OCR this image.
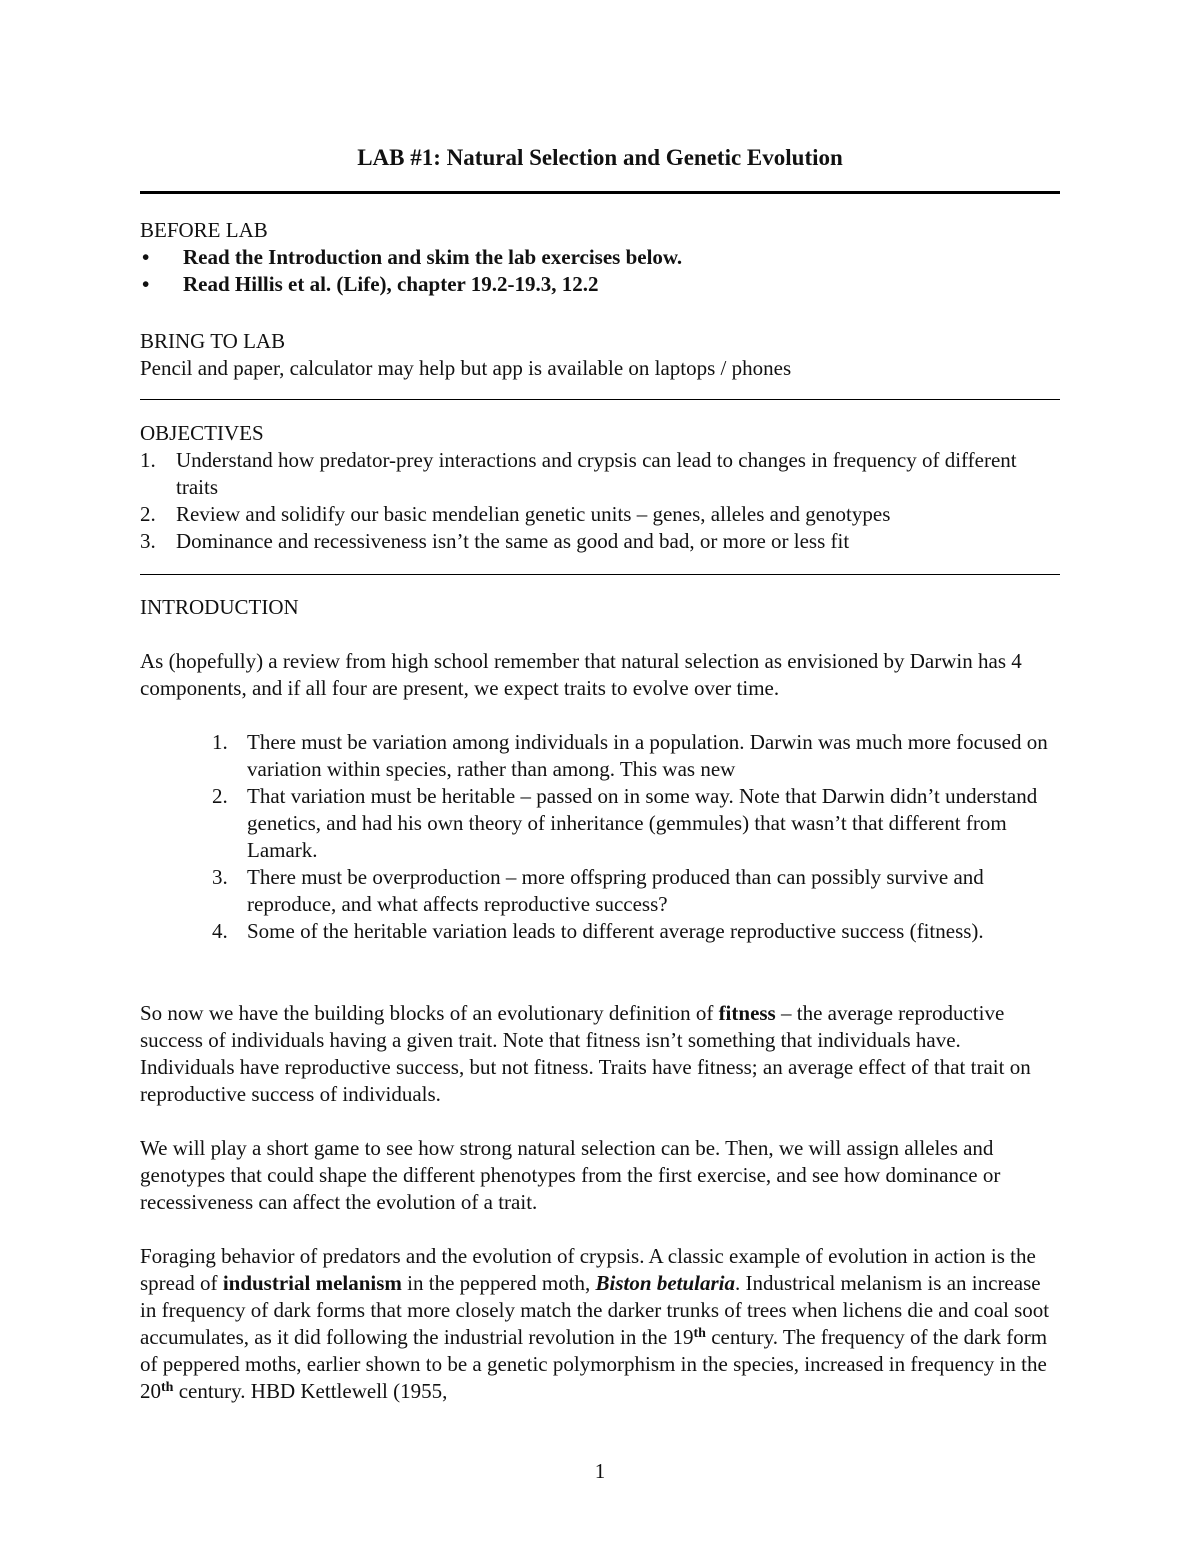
LAB #1: Natural Selection and Genetic Evolution

BEFORE LAB

• Read the Introduction and skim the lab exercises below.
• Read Hillis et al. (Life), chapter 19.2-19.3, 12.2

BRING TO LAB

Pencil and paper, calculator may help but app is available on laptops / phones

OBJECTIVES

1. Understand how predator-prey interactions and crypsis can lead to changes in frequency of different traits
2. Review and solidify our basic mendelian genetic units – genes, alleles and genotypes
3. Dominance and recessiveness isn’t the same as good and bad, or more or less fit

INTRODUCTION

As (hopefully) a review from high school remember that natural selection as envisioned by Darwin has 4 components, and if all four are present, we expect traits to evolve over time.

1. There must be variation among individuals in a population. Darwin was much more focused on variation within species, rather than among. This was new
2. That variation must be heritable – passed on in some way. Note that Darwin didn’t understand genetics, and had his own theory of inheritance (gemmules) that wasn’t that different from Lamark.
3. There must be overproduction – more offspring produced than can possibly survive and reproduce, and what affects reproductive success?
4. Some of the heritable variation leads to different average reproductive success (fitness).

So now we have the building blocks of an evolutionary definition of fitness – the average reproductive success of individuals having a given trait. Note that fitness isn’t something that individuals have. Individuals have reproductive success, but not fitness. Traits have fitness; an average effect of that trait on reproductive success of individuals.

We will play a short game to see how strong natural selection can be. Then, we will assign alleles and genotypes that could shape the different phenotypes from the first exercise, and see how dominance or recessiveness can affect the evolution of a trait.

Foraging behavior of predators and the evolution of crypsis. A classic example of evolution in action is the spread of industrial melanism in the peppered moth, Biston betularia. Industrical melanism is an increase in frequency of dark forms that more closely match the darker trunks of trees when lichens die and coal soot accumulates, as it did following the industrial revolution in the 19th century. The frequency of the dark form of peppered moths, earlier shown to be a genetic polymorphism in the species, increased in frequency in the 20th century. HBD Kettlewell (1955,

1
